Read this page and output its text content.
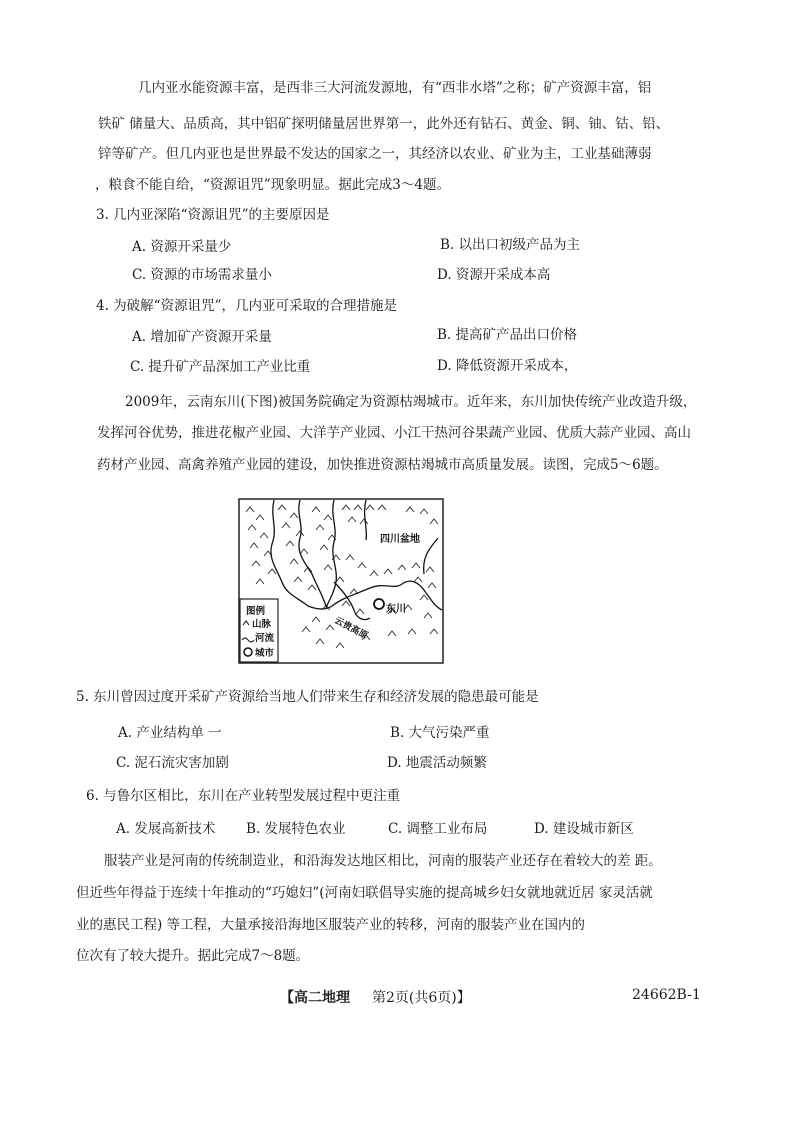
几内亚水能资源丰富，是西非三大河流发源地，有“西非水塔”之称；矿产资源丰富，铝
铁矿 储量大、品质高，其中铝矿探明储量居世界第一，此外还有钻石、黄金、铜、铀、钴、铅、
锌等矿产。但几内亚也是世界最不发达的国家之一，其经济以农业、矿业为主，工业基础薄弱
，粮食不能自给，“资源诅咒”现象明显。据此完成3～4题。
3. 几内亚深陷“资源诅咒”的主要原因是
A. 资源开采量少	B. 以出口初级产品为主
C. 资源的市场需求量小	D. 资源开采成本高
4. 为破解“资源诅咒”，几内亚可采取的合理措施是
A. 增加矿产资源开采量	B. 提高矿产品出口价格
C. 提升矿产品深加工产业比重	D. 降低资源开采成本，
2009年，云南东川(下图)被国务院确定为资源枯竭城市。近年来，东川加快传统产业改造升级，
发挥河谷优势，推进花椒产业园、大洋芋产业园、小江干热河谷果蔬产业园、优质大蒜产业园、高山
药材产业园、高禽养殖产业园的建设，加快推进资源枯竭城市高质量发展。读图，完成5～6题。
四川盆地
东川
云贵高原
图例
山脉
河流
城市
5. 东川曾因过度开采矿产资源给当地人们带来生存和经济发展的隐患最可能是
A. 产业结构单 一	B. 大气污染严重
C. 泥石流灾害加剧	D. 地震活动频繁
6. 与鲁尔区相比，东川在产业转型发展过程中更注重
A. 发展高新技术 B. 发展特色农业	C. 调整工业布局	D. 建设城市新区
服装产业是河南的传统制造业，和沿海发达地区相比，河南的服装产业还存在着较大的差 距。
但近些年得益于连续十年推动的“巧媳妇”(河南妇联倡导实施的提高城乡妇女就地就近居 家灵活就
业的惠民工程) 等工程，大量承接沿海地区服装产业的转移，河南的服装产业在国内的
位次有了较大提升。据此完成7～8题。
【高二地理 第2页(共6页)】	24662B-1
